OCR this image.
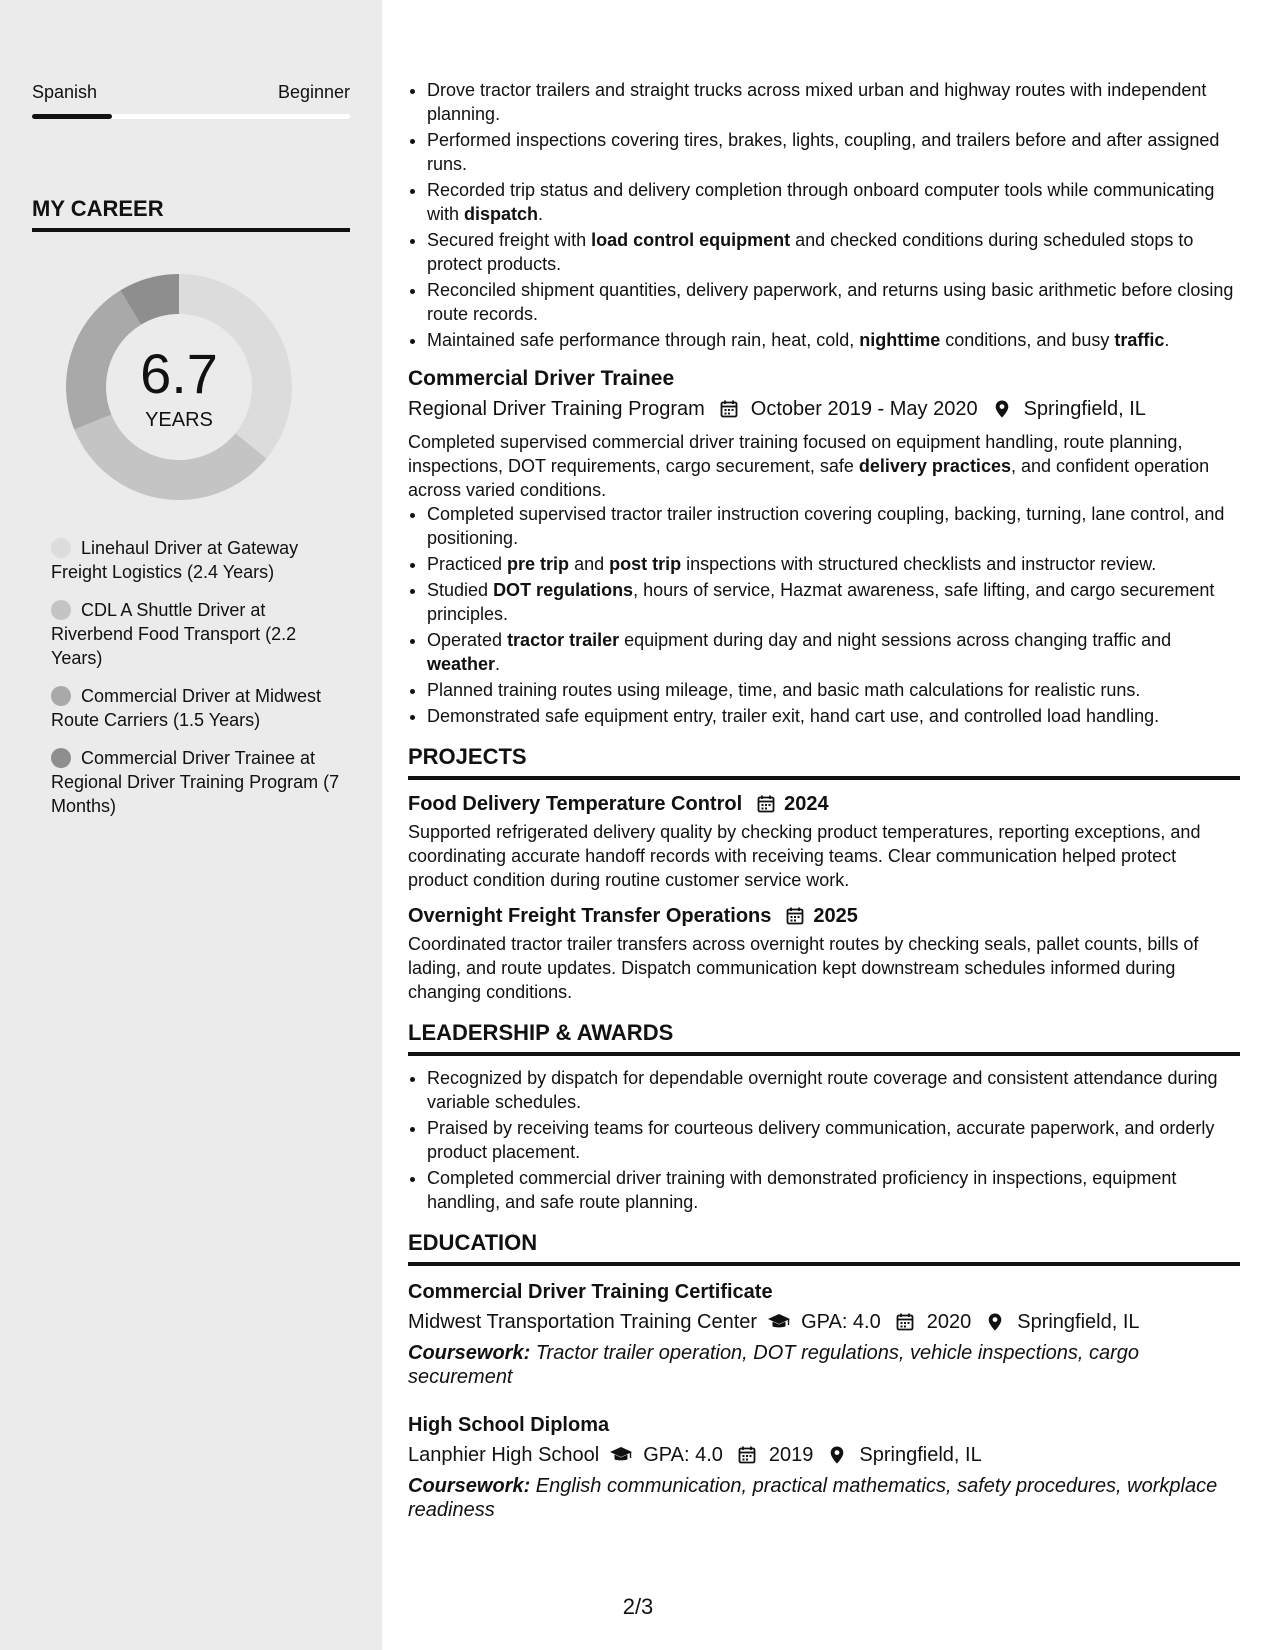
Spanish	Beginner
MY CAREER
6.7
YEARS
Linehaul Driver at Gateway Freight Logistics (2.4 Years)
CDL A Shuttle Driver at Riverbend Food Transport (2.2 Years)
Commercial Driver at Midwest Route Carriers (1.5 Years)
Commercial Driver Trainee at Regional Driver Training Program (7 Months)
• Drove tractor trailers and straight trucks across mixed urban and highway routes with independent planning.
• Performed inspections covering tires, brakes, lights, coupling, and trailers before and after assigned runs.
• Recorded trip status and delivery completion through onboard computer tools while communicating with dispatch.
• Secured freight with load control equipment and checked conditions during scheduled stops to protect products.
• Reconciled shipment quantities, delivery paperwork, and returns using basic arithmetic before closing route records.
• Maintained safe performance through rain, heat, cold, nighttime conditions, and busy traffic.
Commercial Driver Trainee
Regional Driver Training Program October 2019 - May 2020 Springfield, IL
Completed supervised commercial driver training focused on equipment handling, route planning, inspections, DOT requirements, cargo securement, safe delivery practices, and confident operation across varied conditions.
• Completed supervised tractor trailer instruction covering coupling, backing, turning, lane control, and positioning.
• Practiced pre trip and post trip inspections with structured checklists and instructor review.
• Studied DOT regulations, hours of service, Hazmat awareness, safe lifting, and cargo securement principles.
• Operated tractor trailer equipment during day and night sessions across changing traffic and weather.
• Planned training routes using mileage, time, and basic math calculations for realistic runs.
• Demonstrated safe equipment entry, trailer exit, hand cart use, and controlled load handling.
PROJECTS
Food Delivery Temperature Control 2024
Supported refrigerated delivery quality by checking product temperatures, reporting exceptions, and coordinating accurate handoff records with receiving teams. Clear communication helped protect product condition during routine customer service work.
Overnight Freight Transfer Operations 2025
Coordinated tractor trailer transfers across overnight routes by checking seals, pallet counts, bills of lading, and route updates. Dispatch communication kept downstream schedules informed during changing conditions.
LEADERSHIP & AWARDS
• Recognized by dispatch for dependable overnight route coverage and consistent attendance during variable schedules.
• Praised by receiving teams for courteous delivery communication, accurate paperwork, and orderly product placement.
• Completed commercial driver training with demonstrated proficiency in inspections, equipment handling, and safe route planning.
EDUCATION
Commercial Driver Training Certificate
Midwest Transportation Training Center GPA: 4.0 2020 Springfield, IL
Coursework: Tractor trailer operation, DOT regulations, vehicle inspections, cargo securement
High School Diploma
Lanphier High School GPA: 4.0 2019 Springfield, IL
Coursework: English communication, practical mathematics, safety procedures, workplace readiness
2/3
